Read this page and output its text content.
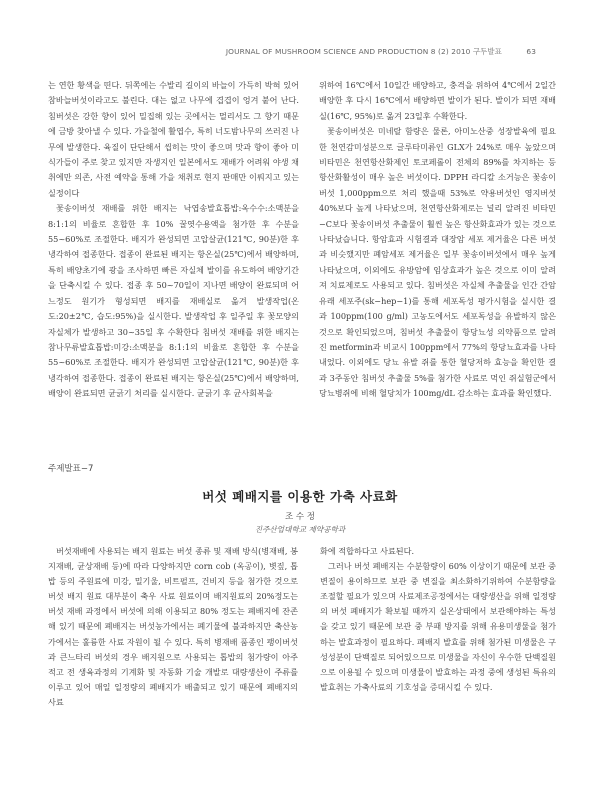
JOURNAL OF MUSHROOM SCIENCE AND PRODUCTION 8 (2) 2010 구두발표          63

는 연한 황색을 띤다. 뒤쪽에는 수발리 길이의 바늘이 가득히 박혀 있어 참바늘버섯이라고도 불린다. 대는 없고 나무에 겹겹이 엉겨 붙어 난다. 침버섯은 강한 향이 있어 밀집해 있는 곳에서는 멀리서도 그 향기 때문에 금방 찾아낼 수 있다. 가을철에 활엽수, 특히 너도밤나무의 쓰러진 나무에 발생한다. 육질이 단단해서 씹히는 맛이 좋으며 맛과 향이 좋아 미식가들이 주로 찾고 있지만 자생지인 일본에서도 재배가 어려워 야생 채취에만 의존, 사전 예약을 통해 가을 채취로 현지 판매만 이뤄지고 있는 실정이다

꽃송이버섯 재배를 위한 배지는 낙엽송발효톱밥:옥수수:소맥분을 8:1:1의 비율로 혼합한 후 10% 꿀엿수용액을 첨가한 후 수분을 55~60%로 조절한다. 배지가 완성되면 고압살균(121℃, 90분)한 후 냉각하여 접종한다. 접종이 완료된 배지는 항온실(25℃)에서 배양하며, 특히 배양초기에 광을 조사하면 빠른 자실체 발이를 유도하여 배양기간을 단축시킬 수 있다. 접종 후 50~70일이 지나면 배양이 완료되며 어느정도 원기가 형성되면 배지를 재배실로 옮겨 발생작업(온도:20±2℃, 습도:95%)을 실시한다. 발생작업 후 일주일 후 꽃모양의 자실체가 발생하고 30~35일 후 수확한다 침버섯 재배를 위한 배지는 참나무류발효톱밥:미강:소맥분을 8:1:1의 비율로 혼합한 후 수분을 55~60%로 조절한다. 배지가 완성되면 고압살균(121℃, 90분)한 후 냉각하여 접종한다. 접종이 완료된 배지는 항온실(25℃)에서 배양하며, 배양이 완료되면 균긁기 처리를 실시한다. 균긁기 후 균사회복을

위하여 16℃에서 10일간 배양하고, 충격을 위하여 4℃에서 2일간 배양한 후 다시 16℃에서 배양하면 발이가 된다. 발이가 되면 재배실(16℃, 95%)로 옮겨 23일후 수확한다.

꽃송이버섯은 미네랄 함량은 물론, 아미노산중 성장발육에 필요한 천연감미성분으로 글루타미류인 GLX가 24%로 매우 높았으며 비타민은 천연항산화제인 토코페롤이 전체의 89%를 차지하는 등 항산화활성이 매우 높은 버섯이다. DPPH 라디칼 소거능은 꽃송이버섯 1,000ppm으로 처리 했을때 53%로 약용버섯인 영지버섯 40%보다 높게 나타났으며, 천연항산화제로는 널리 알려진 비타민−C보다 꽃송이버섯 추출물이 훨씬 높은 항산화효과가 있는 것으로 나타났습니다. 항암효과 시험결과 대장암 세포 제거율은 다른 버섯과 비슷했지만 폐암세포 제거율은 일부 꽃송이버섯에서 매우 높게 나타났으며, 이외에도 유방암에 임상효과가 높은 것으로 이미 알려져 치료제로도 사용되고 있다. 침버섯은 자실체 추출물을 인간 간암유래 세포주(sk−hep−1)를 통해 세포독성 평가시험을 실시한 결과 100ppm(100 g/ml) 고농도에서도 세포독성을 유발하지 않은 것으로 확인되었으며, 침버섯 추출물이 항당뇨성 의약품으로 알려진 metformin과 비교시 100ppm에서 77%의 항당뇨효과를 나타내었다. 이외에도 당뇨 유발 쥐를 통한 혈당저하 효능을 확인한 결과 3주동안 침버섯 추출물 5%를 첨가한 사료로 먹인 쥐실험군에서 당뇨병쥐에 비해 혈당치가 100mg/dL 감소하는 효과를 확인했다.

주제발표−7
버섯 폐배지를 이용한 가축 사료화
조 수 정
진주산업대학교 제약공학과

버섯재배에 사용되는 배지 원료는 버섯 종류 및 재배 방식(병재배, 봉지재배, 균상재배 등)에 따라 다양하지만 corn cob (옥공이), 볏짚, 톱밥 등의 주원료에 미강, 밀기울, 비트펄프, 건비지 등을 첨가한 것으로 버섯 배지 원료 대부분이 축우 사료 원료이며 배지원료의 20%정도는 버섯 재배 과정에서 버섯에 의해 이용되고 80% 정도는 폐배지에 잔존해 있기 때문에 폐배지는 버섯농가에서는 폐기물에 불과하지만 축산농가에서는 훌륭한 사료 자원이 될 수 있다. 특히 병재배 품종인 팽이버섯과 큰느타리 버섯의 경우 배지원으로 사용되는 톱밥의 첨가량이 아주 적고 전 생육과정의 기계화 및 자동화 기술 개발로 대량생산이 주류를 이루고 있어 매일 일정량의 폐배지가 배출되고 있기 때문에 폐배지의 사료

화에 적합하다고 사료된다.

그러나 버섯 폐배지는 수분함량이 60% 이상이기 때문에 보관 중 변질이 용이하므로 보관 중 변질을 최소화하기위하여 수분함량을 조절할 필요가 있으며 사료제조공정에서는 대량생산을 위해 일정량의 버섯 폐배지가 확보될 때까지 실온상태에서 보관해야하는 특성을 갖고 있기 때문에 보관 중 부패 방지를 위해 유용미생물을 첨가하는 발효과정이 필요하다. 폐배지 발효를 위해 첨가된 미생물은 구성성분이 단백질로 되어있으므로 미생물을 자신이 우수한 단백질원으로 이용될 수 있으며 미생물이 발효하는 과정 중에 생성된 특유의 발효취는 가축사료의 기호성을 증대시킬 수 있다.
